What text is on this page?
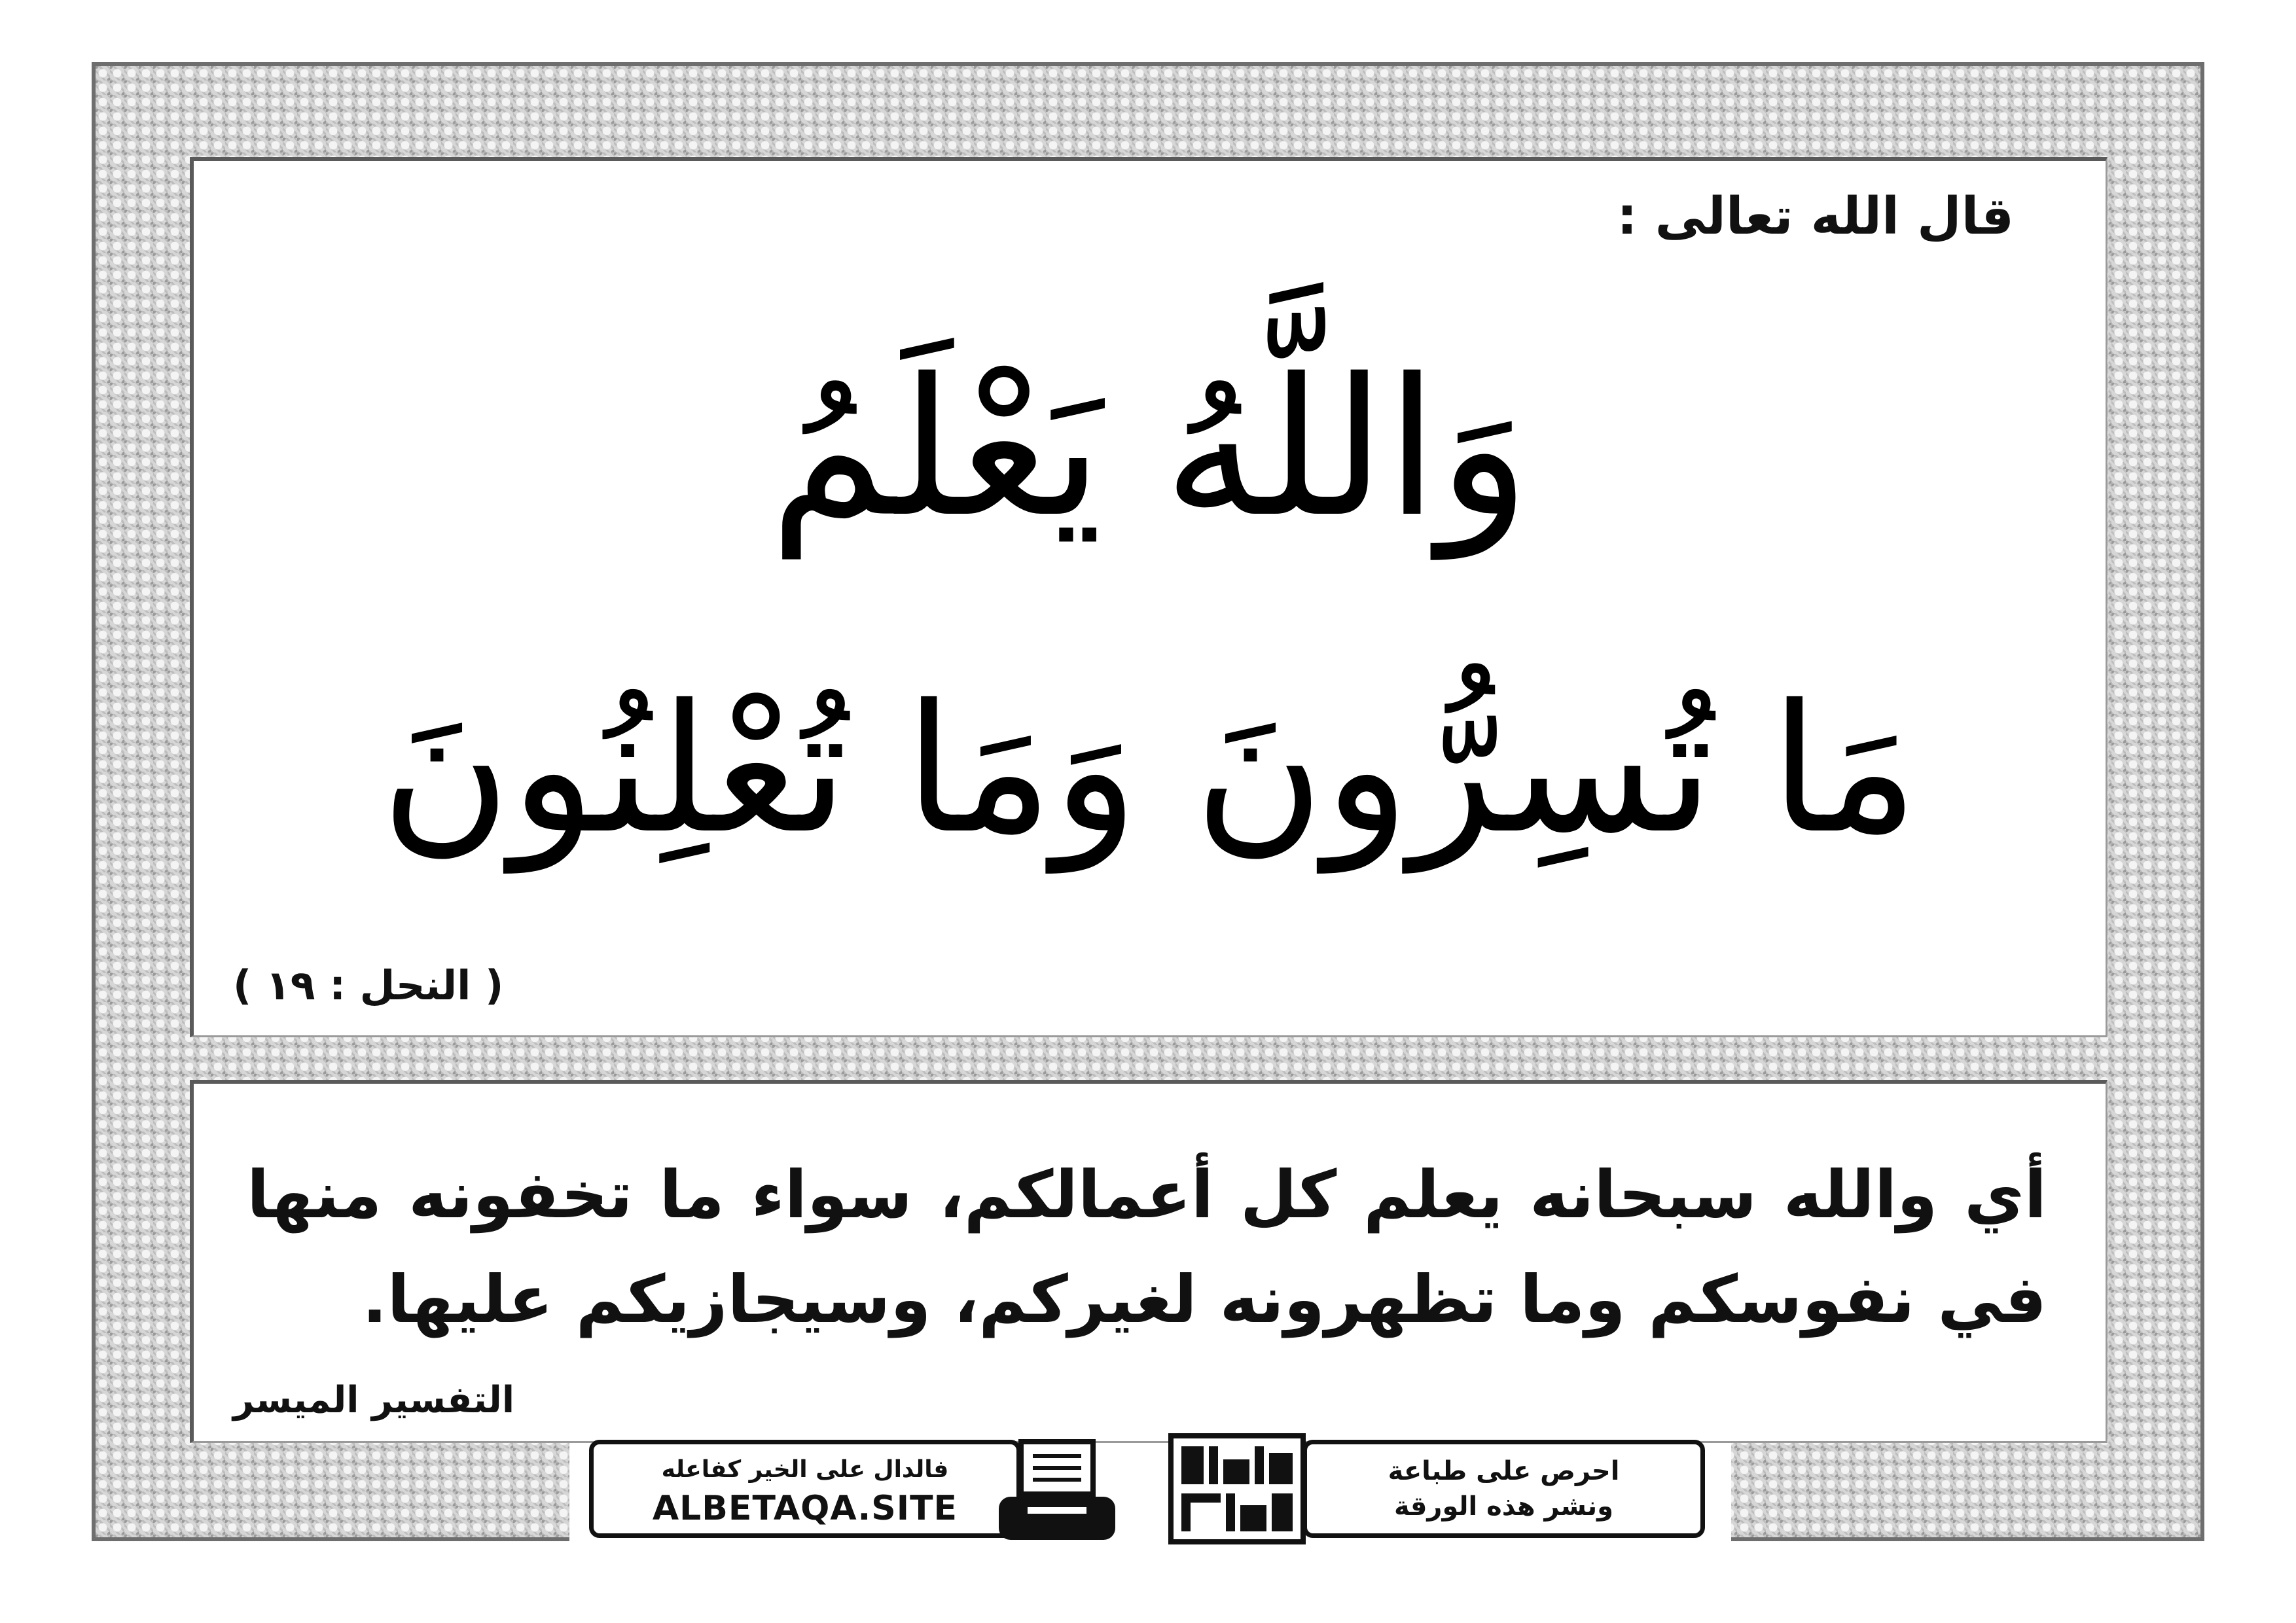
قال الله تعالى :
وَاللَّهُ يَعْلَمُ
مَا تُسِرُّونَ وَمَا تُعْلِنُونَ
( النحل : ١٩ )
أي والله سبحانه يعلم كل أعمالكم، سواء ما تخفونه منها في نفوسكم وما تظهرونه لغيركم، وسيجازيكم عليها.
التفسير الميسر
فالدال على الخير كفاعله
ALBETAQA.SITE
احرص على طباعة
ونشر هذه الورقة
